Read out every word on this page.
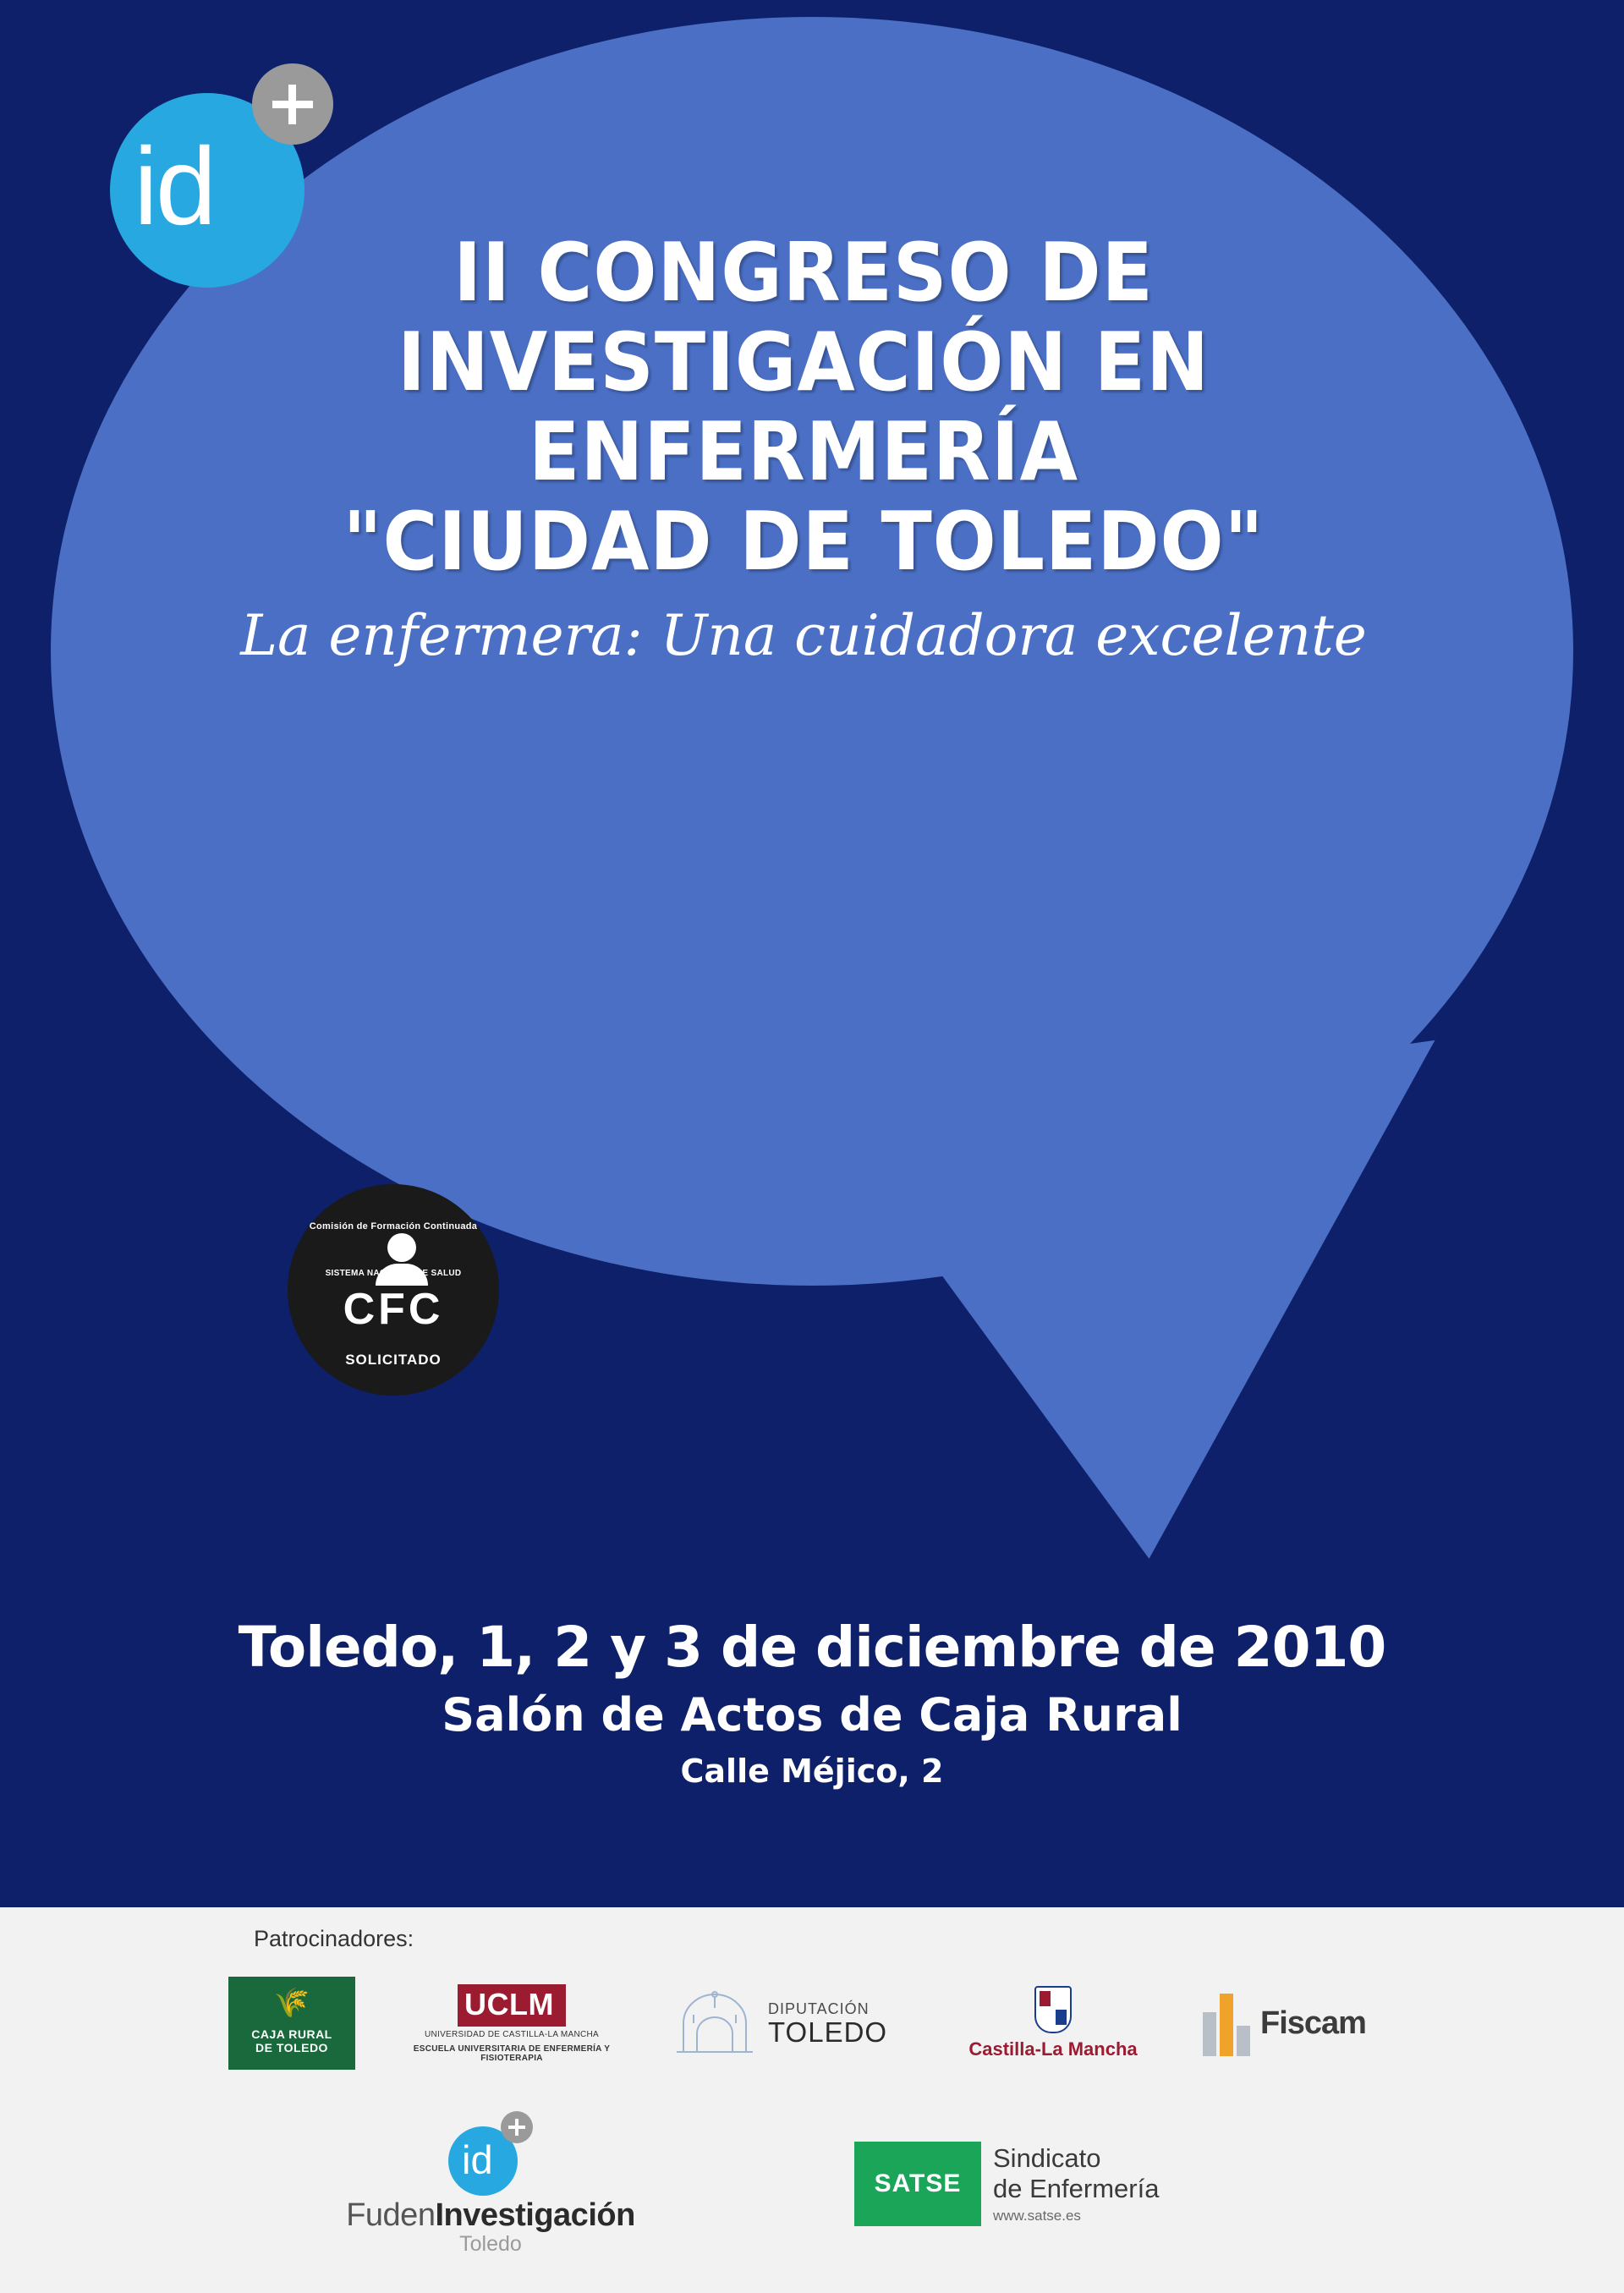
id
II CONGRESO DE
INVESTIGACIÓN EN
ENFERMERÍA
"CIUDAD DE TOLEDO"
La enfermera: Una cuidadora excelente
Comisión de Formación Continuada
SISTEMA NACIONAL DE SALUD
CFC
SOLICITADO
Toledo, 1, 2 y 3 de diciembre de 2010
Salón de Actos de Caja Rural
Calle Méjico, 2
Patrocinadores:
🌾
CAJA RURAL
DE TOLEDO
UCLM
UNIVERSIDAD DE CASTILLA-LA MANCHA
ESCUELA UNIVERSITARIA DE ENFERMERÍA Y FISIOTERAPIA
DIPUTACIÓN
TOLEDO
Castilla-La Mancha
Fiscam
id
FudenInvestigación
Toledo
SATSE
Sindicato
de Enfermería
www.satse.es
